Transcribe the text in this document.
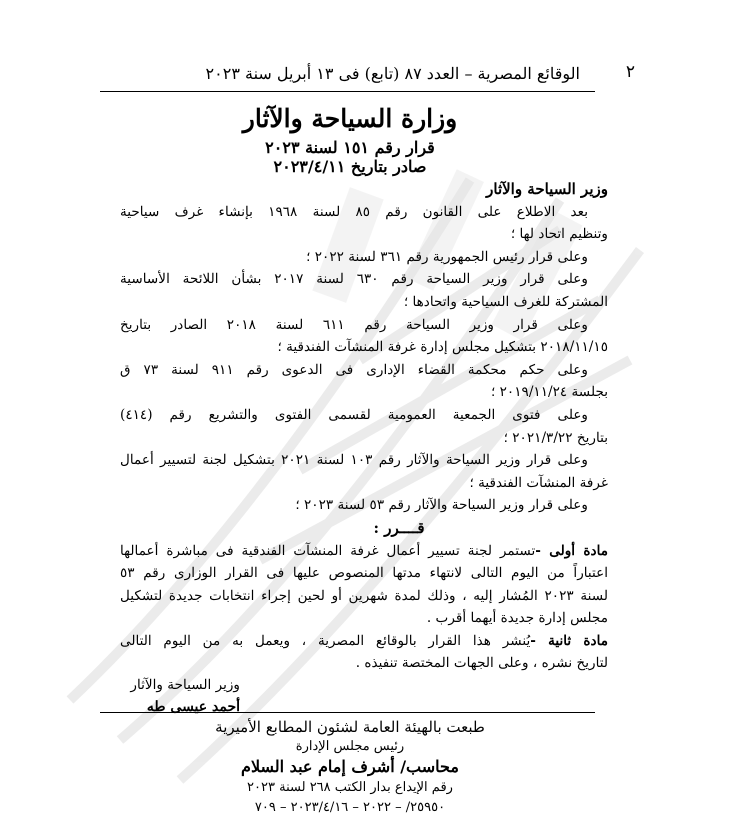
٢
الوقائع المصرية – العدد ٨٧ (تابع) فى ١٣ أبريل سنة ٢٠٢٣
وزارة السياحة والآثار
قرار رقم ١٥١ لسنة ٢٠٢٣
صادر بتاريخ ٢٠٢٣/٤/١١
وزير السياحة والآثار
بعد الاطلاع على القانون رقم ٨٥ لسنة ١٩٦٨ بإنشاء غرف سياحية
وتنظيم اتحاد لها ؛
وعلى قرار رئيس الجمهورية رقم ٣٦١ لسنة ٢٠٢٢ ؛
وعلى قرار وزير السياحة رقم ٦٣٠ لسنة ٢٠١٧ بشأن اللائحة الأساسية
المشتركة للغرف السياحية واتحادها ؛
وعلى قرار وزير السياحة رقم ٦١١ لسنة ٢٠١٨ الصادر بتاريخ
٢٠١٨/١١/١٥ بتشكيل مجلس إدارة غرفة المنشآت الفندقية ؛
وعلى حكم محكمة القضاء الإدارى فى الدعوى رقم ٩١١ لسنة ٧٣ ق
بجلسة ٢٠١٩/١١/٢٤ ؛
وعلى فتوى الجمعية العمومية لقسمى الفتوى والتشريع رقم (٤١٤)
بتاريخ ٢٠٢١/٣/٢٢ ؛
وعلى قرار وزير السياحة والآثار رقم ١٠٣ لسنة ٢٠٢١ بتشكيل لجنة لتسيير أعمال
غرفة المنشآت الفندقية ؛
وعلى قرار وزير السياحة والآثار رقم ٥٣ لسنة ٢٠٢٣ ؛
قــــرر :
مادة أولى -تستمر لجنة تسيير أعمال غرفة المنشآت الفندقية فى مباشرة أعمالها
اعتباراً من اليوم التالى لانتهاء مدتها المنصوص عليها فى القرار الوزارى رقم ٥٣
لسنة ٢٠٢٣ المُشار إليه ، وذلك لمدة شهرين أو لحين إجراء انتخابات جديدة لتشكيل
مجلس إدارة جديدة أيهما أقرب .
مادة ثانية -يُنشر هذا القرار بالوقائع المصرية ، ويعمل به من اليوم التالى
لتاريخ نشره ، وعلى الجهات المختصة تنفيذه .
وزير السياحة والآثار
أحمد عيسى طه
طبعت بالهيئة العامة لشئون المطابع الأميرية
رئيس مجلس الإدارة
محاسب/ أشرف إمام عبد السلام
رقم الإيداع بدار الكتب ٢٦٨ لسنة ٢٠٢٣
٢٥٩٥٠/ – ٢٠٢٢ – ٢٠٢٣/٤/١٦ – ٧٠٩
